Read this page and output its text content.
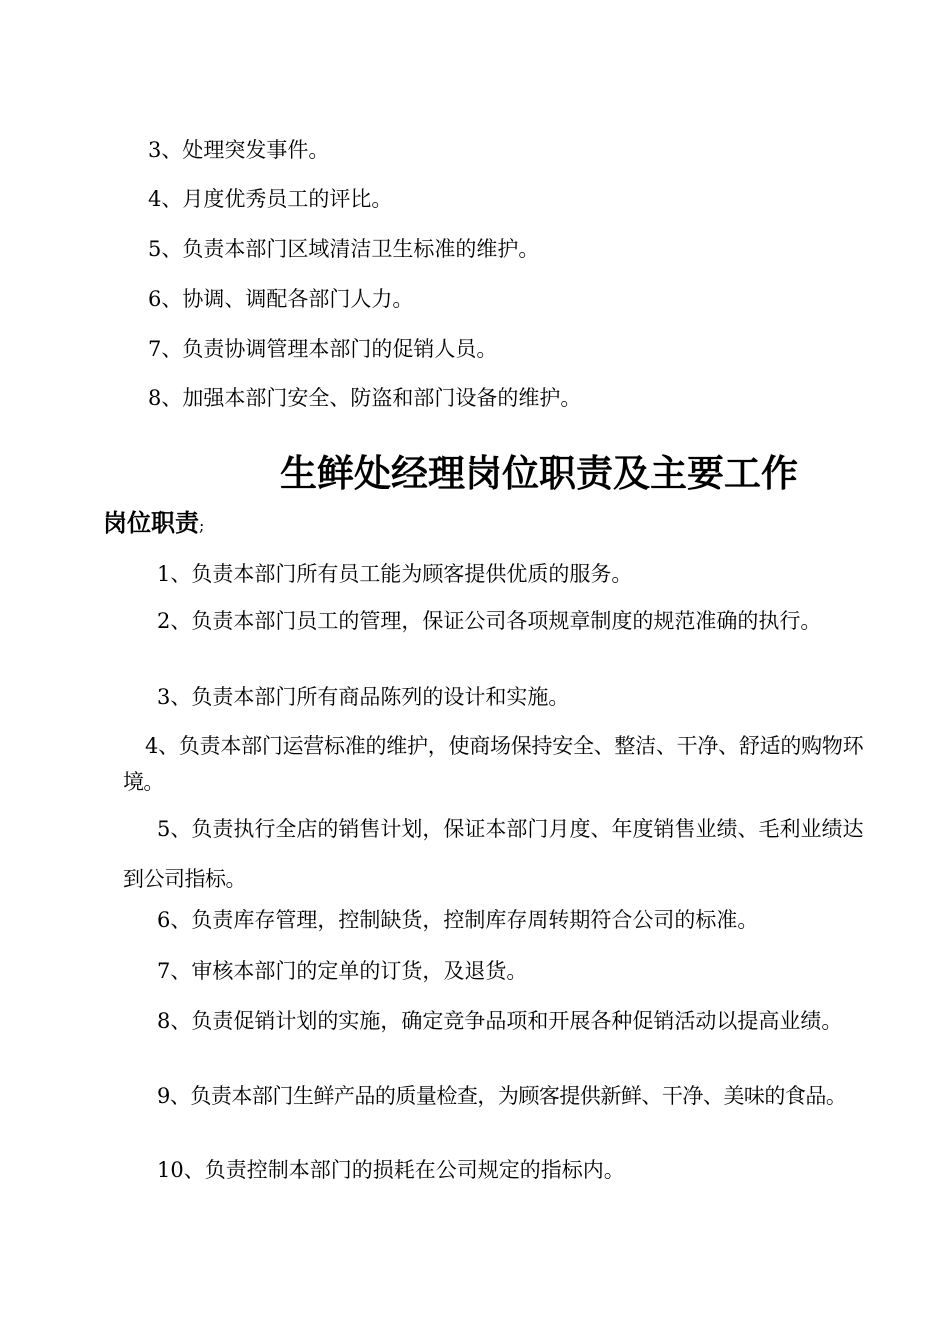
3、处理突发事件。
4、月度优秀员工的评比。
5、负责本部门区域清洁卫生标准的维护。
6、协调、调配各部门人力。
7、负责协调管理本部门的促销人员。
8、加强本部门安全、防盗和部门设备的维护。
生鲜处经理岗位职责及主要工作
岗位职责;
1、负责本部门所有员工能为顾客提供优质的服务。
2、负责本部门员工的管理，保证公司各项规章制度的规范准确的执行。
3、负责本部门所有商品陈列的设计和实施。
4、负责本部门运营标准的维护，使商场保持安全、整洁、干净、舒适的购物环境。
5、负责执行全店的销售计划，保证本部门月度、年度销售业绩、毛利业绩达到公司指标。
6、负责库存管理，控制缺货，控制库存周转期符合公司的标准。
7、审核本部门的定单的订货，及退货。
8、负责促销计划的实施，确定竞争品项和开展各种促销活动以提高业绩。
9、负责本部门生鲜产品的质量检查，为顾客提供新鲜、干净、美味的食品。
10、负责控制本部门的损耗在公司规定的指标内。
